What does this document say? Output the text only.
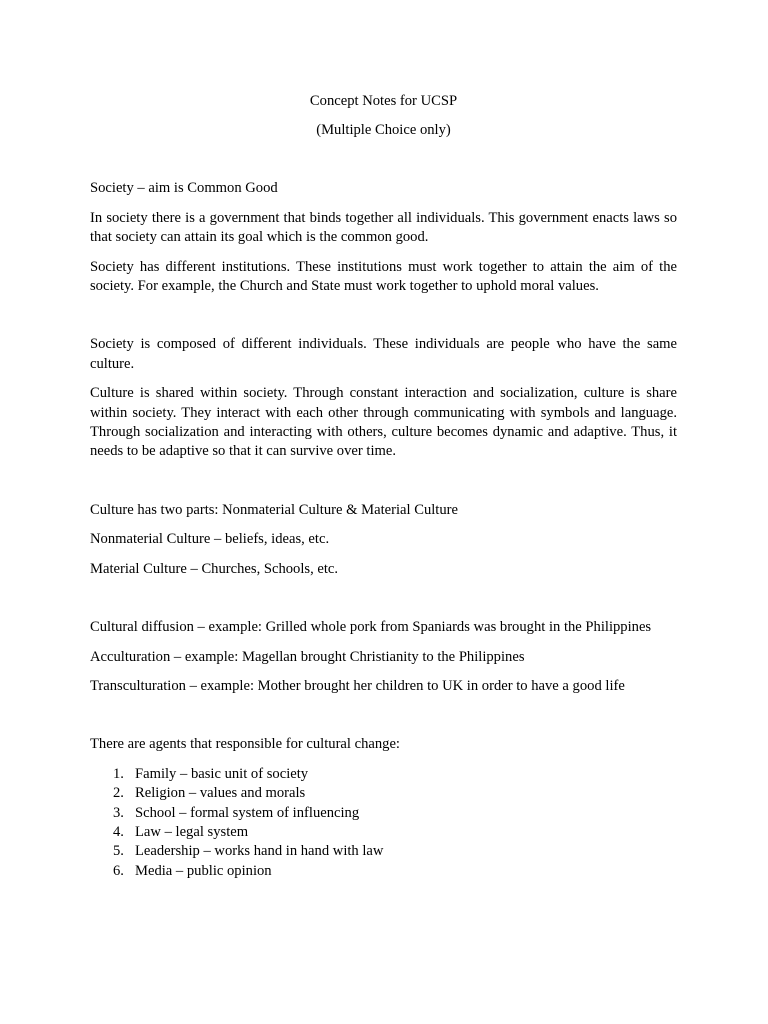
Concept Notes for UCSP

(Multiple Choice only)

Society – aim is Common Good

In society there is a government that binds together all individuals. This government enacts laws so that society can attain its goal which is the common good.

Society has different institutions. These institutions must work together to attain the aim of the society. For example, the Church and State must work together to uphold moral values.

Society is composed of different individuals. These individuals are people who have the same culture.

Culture is shared within society. Through constant interaction and socialization, culture is share within society. They interact with each other through communicating with symbols and language. Through socialization and interacting with others, culture becomes dynamic and adaptive. Thus, it needs to be adaptive so that it can survive over time.

Culture has two parts: Nonmaterial Culture & Material Culture

Nonmaterial Culture – beliefs, ideas, etc.

Material Culture – Churches, Schools, etc.

Cultural diffusion – example: Grilled whole pork from Spaniards was brought in the Philippines

Acculturation – example: Magellan brought Christianity to the Philippines

Transculturation – example: Mother brought her children to UK in order to have a good life

There are agents that responsible for cultural change:

1. Family – basic unit of society
2. Religion – values and morals
3. School – formal system of influencing
4. Law – legal system
5. Leadership – works hand in hand with law
6. Media – public opinion
